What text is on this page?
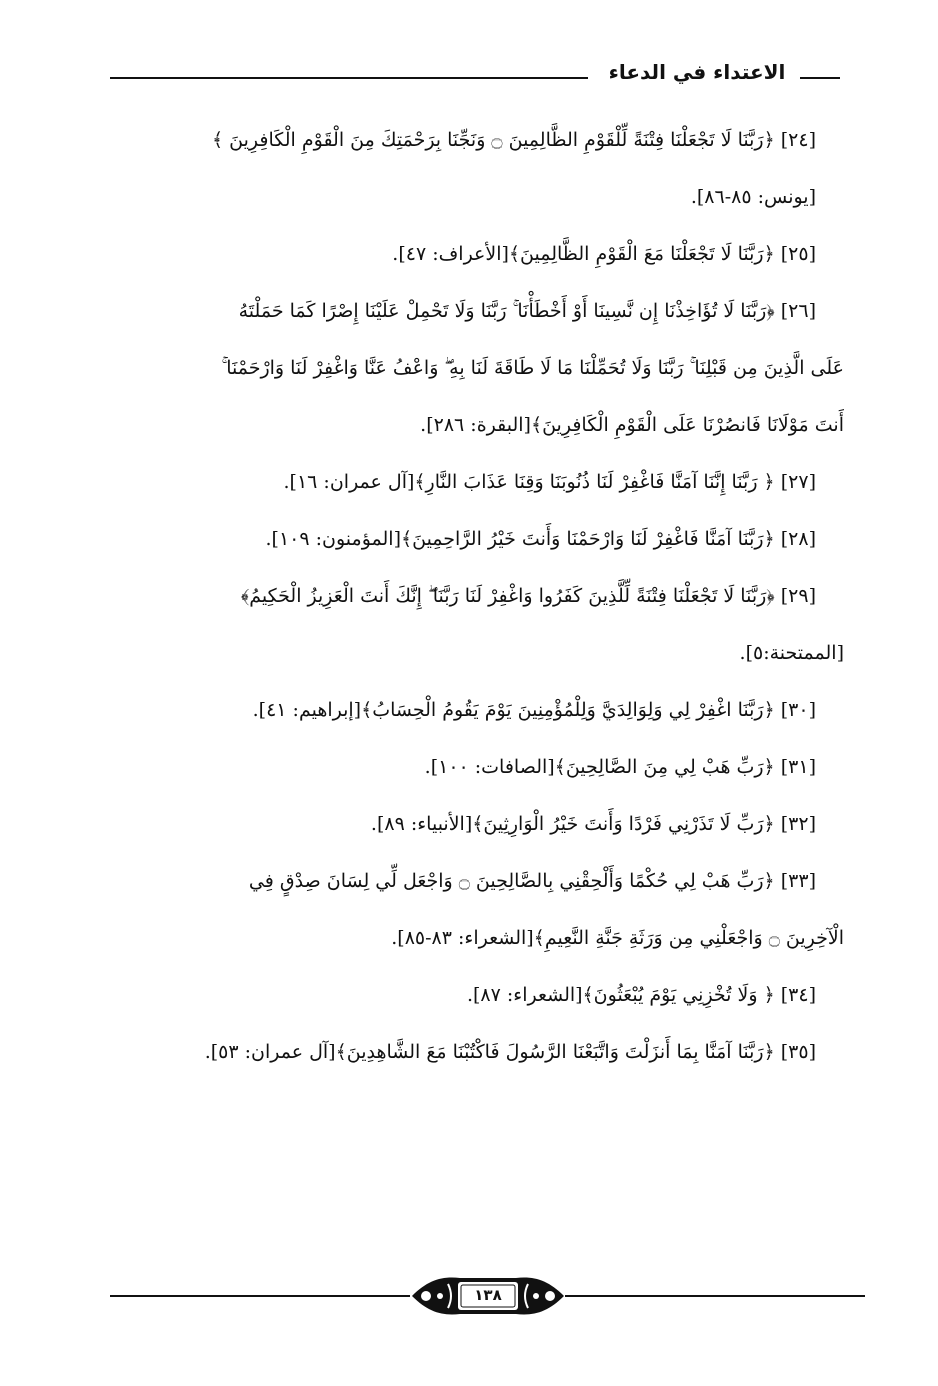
الاعتداء في الدعاء
[٢٤] ﴿رَبَّنَا لَا تَجْعَلْنَا فِتْنَةً لِّلْقَوْمِ الظَّالِمِينَ ۝ وَنَجِّنَا بِرَحْمَتِكَ مِنَ الْقَوْمِ الْكَافِرِينَ ﴾
[يونس: ٨٥-٨٦].
[٢٥] ﴿رَبَّنَا لَا تَجْعَلْنَا مَعَ الْقَوْمِ الظَّالِمِينَ﴾[الأعراف: ٤٧].
[٢٦] ﴿رَبَّنَا لَا تُؤَاخِذْنَا إِن نَّسِينَا أَوْ أَخْطَأْنَا ۚ رَبَّنَا وَلَا تَحْمِلْ عَلَيْنَا إِصْرًا كَمَا حَمَلْتَهُ
عَلَى الَّذِينَ مِن قَبْلِنَا ۚ رَبَّنَا وَلَا تُحَمِّلْنَا مَا لَا طَاقَةَ لَنَا بِهِ ۖ وَاعْفُ عَنَّا وَاغْفِرْ لَنَا وَارْحَمْنَا ۚ
أَنتَ مَوْلَانَا فَانصُرْنَا عَلَى الْقَوْمِ الْكَافِرِينَ﴾[البقرة: ٢٨٦].
[٢٧] ﴿ رَبَّنَا إِنَّنَا آمَنَّا فَاغْفِرْ لَنَا ذُنُوبَنَا وَقِنَا عَذَابَ النَّارِ﴾[آل عمران: ١٦].
[٢٨] ﴿رَبَّنَا آمَنَّا فَاغْفِرْ لَنَا وَارْحَمْنَا وَأَنتَ خَيْرُ الرَّاحِمِينَ﴾[المؤمنون: ١٠٩].
[٢٩] ﴿رَبَّنَا لَا تَجْعَلْنَا فِتْنَةً لِّلَّذِينَ كَفَرُوا وَاغْفِرْ لَنَا رَبَّنَا ۖ إِنَّكَ أَنتَ الْعَزِيزُ الْحَكِيمُ﴾
[الممتحنة:٥].
[٣٠] ﴿رَبَّنَا اغْفِرْ لِي وَلِوَالِدَيَّ وَلِلْمُؤْمِنِينَ يَوْمَ يَقُومُ الْحِسَابُ﴾[إبراهيم: ٤١].
[٣١] ﴿رَبِّ هَبْ لِي مِنَ الصَّالِحِينَ﴾[الصافات: ١٠٠].
[٣٢] ﴿رَبِّ لَا تَذَرْنِي فَرْدًا وَأَنتَ خَيْرُ الْوَارِثِينَ﴾[الأنبياء: ٨٩].
[٣٣] ﴿رَبِّ هَبْ لِي حُكْمًا وَأَلْحِقْنِي بِالصَّالِحِينَ ۝ وَاجْعَل لِّي لِسَانَ صِدْقٍ فِي
الْآخِرِينَ ۝ وَاجْعَلْنِي مِن وَرَثَةِ جَنَّةِ النَّعِيمِ﴾[الشعراء: ٨٣-٨٥].
[٣٤] ﴿ وَلَا تُخْزِنِي يَوْمَ يُبْعَثُونَ﴾[الشعراء: ٨٧].
[٣٥] ﴿رَبَّنَا آمَنَّا بِمَا أَنزَلْتَ وَاتَّبَعْنَا الرَّسُولَ فَاكْتُبْنَا مَعَ الشَّاهِدِينَ﴾[آل عمران: ٥٣].
١٣٨
